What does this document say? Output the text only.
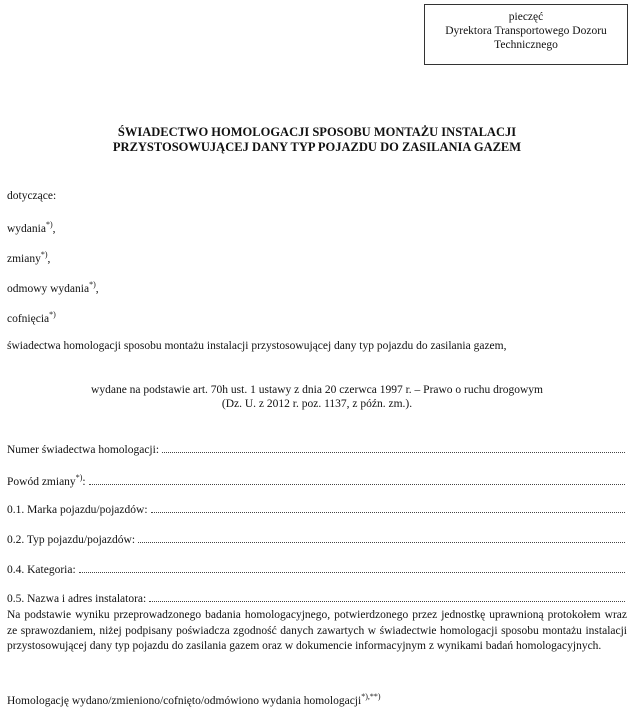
pieczęć
Dyrektora Transportowego Dozoru
Technicznego
ŚWIADECTWO HOMOLOGACJI SPOSOBU MONTAŻU INSTALACJI
PRZYSTOSOWUJĄCEJ DANY TYP POJAZDU DO ZASILANIA GAZEM
dotyczące:
wydania*),
zmiany*),
odmowy wydania*),
cofnięcia*)
świadectwa homologacji sposobu montażu instalacji przystosowującej dany typ pojazdu do zasilania gazem,
wydane na podstawie art. 70h ust. 1 ustawy z dnia 20 czerwca 1997 r. – Prawo o ruchu drogowym
(Dz. U. z 2012 r. poz. 1137, z późn. zm.).
Numer świadectwa homologacji:
Powód zmiany*):
0.1. Marka pojazdu/pojazdów:
0.2. Typ pojazdu/pojazdów:
0.4. Kategoria:
0.5. Nazwa i adres instalatora:
Na podstawie wyniku przeprowadzonego badania homologacyjnego, potwierdzonego przez jednostkę uprawnioną protokołem wraz ze sprawozdaniem, niżej podpisany poświadcza zgodność danych zawartych w świadectwie homologacji sposobu montażu instalacji przystosowującej dany typ pojazdu do zasilania gazem oraz w dokumencie informacyjnym z wynikami badań homologacyjnych.
Homologację wydano/zmieniono/cofnięto/odmówiono wydania homologacji*),**)
